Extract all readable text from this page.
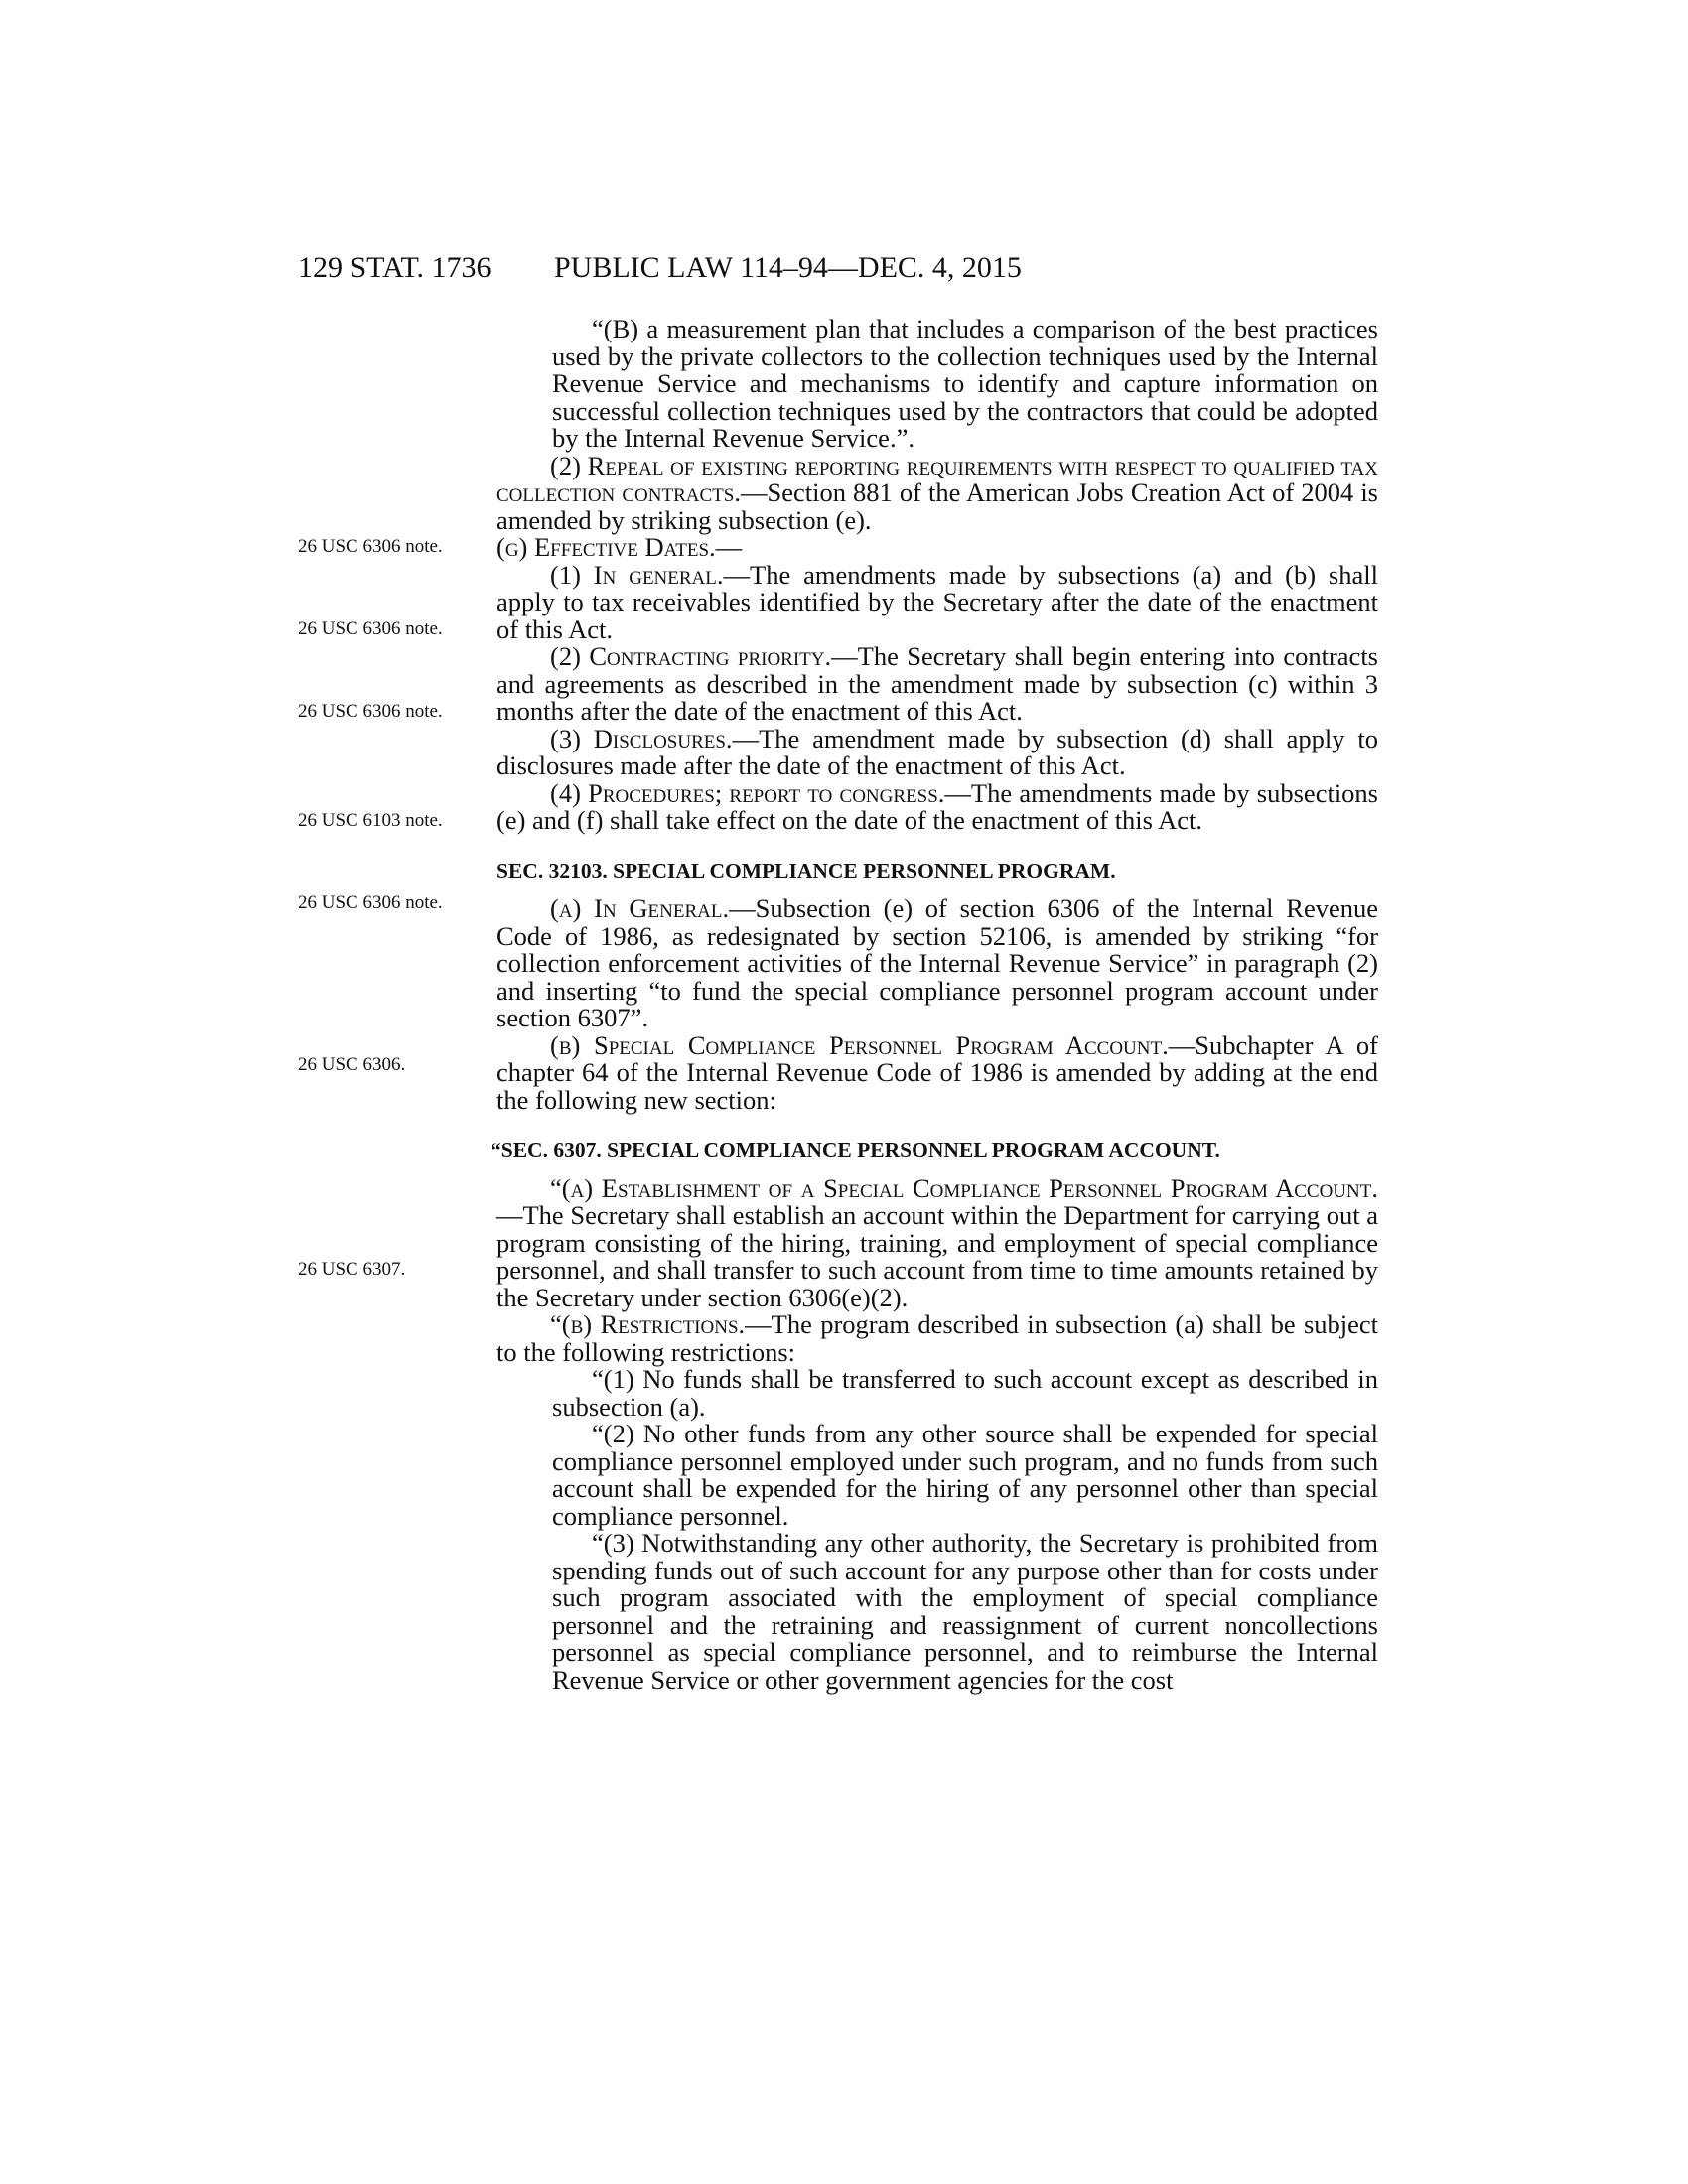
129 STAT. 1736 PUBLIC LAW 114–94—DEC. 4, 2015
26 USC 6306 note.
26 USC 6306 note.
26 USC 6306 note.
26 USC 6103 note.
26 USC 6306 note.
26 USC 6306.
26 USC 6307.

“(B) a measurement plan that includes a comparison of the best practices used by the private collectors to the collection techniques used by the Internal Revenue Service and mechanisms to identify and capture information on successful collection techniques used by the contractors that could be adopted by the Internal Revenue Service.”.

(2) Repeal of existing reporting requirements with respect to qualified tax collection contracts.—Section 881 of the American Jobs Creation Act of 2004 is amended by striking subsection (e).

(g) Effective Dates.—

(1) In general.—The amendments made by subsections (a) and (b) shall apply to tax receivables identified by the Secretary after the date of the enactment of this Act.

(2) Contracting priority.—The Secretary shall begin entering into contracts and agreements as described in the amendment made by subsection (c) within 3 months after the date of the enactment of this Act.

(3) Disclosures.—The amendment made by subsection (d) shall apply to disclosures made after the date of the enactment of this Act.

(4) Procedures; report to congress.—The amendments made by subsections (e) and (f) shall take effect on the date of the enactment of this Act.

SEC. 32103. SPECIAL COMPLIANCE PERSONNEL PROGRAM.

(a) In General.—Subsection (e) of section 6306 of the Internal Revenue Code of 1986, as redesignated by section 52106, is amended by striking “for collection enforcement activities of the Internal Revenue Service” in paragraph (2) and inserting “to fund the special compliance personnel program account under section 6307”.

(b) Special Compliance Personnel Program Account.—Subchapter A of chapter 64 of the Internal Revenue Code of 1986 is amended by adding at the end the following new section:

“SEC. 6307. SPECIAL COMPLIANCE PERSONNEL PROGRAM ACCOUNT.

“(a) Establishment of a Special Compliance Personnel Program Account.—The Secretary shall establish an account within the Department for carrying out a program consisting of the hiring, training, and employment of special compliance personnel, and shall transfer to such account from time to time amounts retained by the Secretary under section 6306(e)(2).

“(b) Restrictions.—The program described in subsection (a) shall be subject to the following restrictions:

“(1) No funds shall be transferred to such account except as described in subsection (a).

“(2) No other funds from any other source shall be expended for special compliance personnel employed under such program, and no funds from such account shall be expended for the hiring of any personnel other than special compliance personnel.

“(3) Notwithstanding any other authority, the Secretary is prohibited from spending funds out of such account for any purpose other than for costs under such program associated with the employment of special compliance personnel and the retraining and reassignment of current noncollections personnel as special compliance personnel, and to reimburse the Internal Revenue Service or other government agencies for the cost
